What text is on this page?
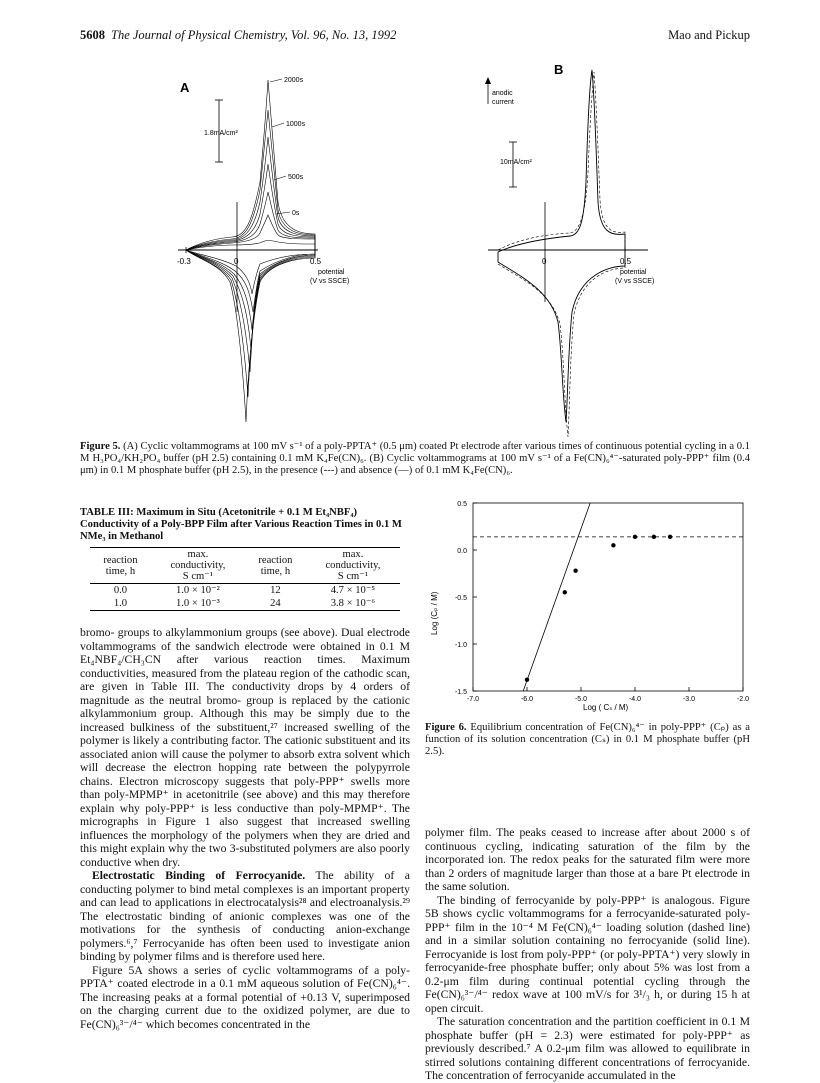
5608 The Journal of Physical Chemistry, Vol. 96, No. 13, 1992	Mao and Pickup
A
1.8mA/cm²
-0.3	0	0.5
potential
(V vs SSCE)
2000s
1000s
500s
0s
B
anodic
current
10mA/cm²
0	0.5
potential
(V vs SSCE)
Figure 5. (A) Cyclic voltammograms at 100 mV s⁻¹ of a poly-PPTA⁺ (0.5 μm) coated Pt electrode after various times of continuous potential cycling in a 0.1 M H₃PO₄/KH₂PO₄ buffer (pH 2.5) containing 0.1 mM K₄Fe(CN)₆. (B) Cyclic voltammograms at 100 mV s⁻¹ of a Fe(CN)₆⁴⁻-saturated poly-PPP⁺ film (0.4 μm) in 0.1 M phosphate buffer (pH 2.5), in the presence (---) and absence (—) of 0.1 mM K₄Fe(CN)₆.
TABLE III: Maximum in Situ (Acetonitrile + 0.1 M Et₄NBF₄) Conductivity of a Poly-BPP Film after Various Reaction Times in 0.1 M NMe₃ in Methanol
reaction
time, h	max.
conductivity,
S cm⁻¹	reaction
time, h	max.
conductivity,
S cm⁻¹
0.0	1.0 × 10⁻²	12	4.7 × 10⁻⁵
1.0	1.0 × 10⁻³	24	3.8 × 10⁻⁶

bromo- groups to alkylammonium groups (see above). Dual electrode voltammograms of the sandwich electrode were obtained in 0.1 M Et₄NBF₄/CH₃CN after various reaction times. Maximum conductivities, measured from the plateau region of the cathodic scan, are given in Table III. The conductivity drops by 4 orders of magnitude as the neutral bromo- group is replaced by the cationic alkylammonium group. Although this may be simply due to the increased bulkiness of the substituent,²⁷ increased swelling of the polymer is likely a contributing factor. The cationic substituent and its associated anion will cause the polymer to absorb extra solvent which will decrease the electron hopping rate between the polypyrrole chains. Electron microscopy suggests that poly-PPP⁺ swells more than poly-MPMP⁺ in acetonitrile (see above) and this may therefore explain why poly-PPP⁺ is less conductive than poly-MPMP⁺. The micrographs in Figure 1 also suggest that increased swelling influences the morphology of the polymers when they are dried and this might explain why the two 3-substituted polymers are also poorly conductive when dry.

Electrostatic Binding of Ferrocyanide. The ability of a conducting polymer to bind metal complexes is an important property and can lead to applications in electrocatalysis²⁸ and electroanalysis.²⁹ The electrostatic binding of anionic complexes was one of the motivations for the synthesis of conducting anion-exchange polymers.⁶,⁷ Ferrocyanide has often been used to investigate anion binding by polymer films and is therefore used here.

Figure 5A shows a series of cyclic voltammograms of a poly-PPTA⁺ coated electrode in a 0.1 mM aqueous solution of Fe(CN)₆⁴⁻. The increasing peaks at a formal potential of +0.13 V, superimposed on the charging current due to the oxidized polymer, are due to Fe(CN)₆³⁻/⁴⁻ which becomes concentrated in the

Log (Cₚ / M)
Log ( Cₛ / M)
0.5
0.0
-0.5
-1.0
-1.5
-7.0	-6.0	-5.0	-4.0	-3.0	-2.0
Figure 6. Equilibrium concentration of Fe(CN)₆⁴⁻ in poly-PPP⁺ (Cₚ) as a function of its solution concentration (Cₛ) in 0.1 M phosphate buffer (pH 2.5).

polymer film. The peaks ceased to increase after about 2000 s of continuous cycling, indicating saturation of the film by the incorporated ion. The redox peaks for the saturated film were more than 2 orders of magnitude larger than those at a bare Pt electrode in the same solution.

The binding of ferrocyanide by poly-PPP⁺ is analogous. Figure 5B shows cyclic voltammograms for a ferrocyanide-saturated poly-PPP⁺ film in the 10⁻⁴ M Fe(CN)₆⁴⁻ loading solution (dashed line) and in a similar solution containing no ferrocyanide (solid line). Ferrocyanide is lost from poly-PPP⁺ (or poly-PPTA⁺) very slowly in ferrocyanide-free phosphate buffer; only about 5% was lost from a 0.2-μm film during continual potential cycling through the Fe(CN)₆³⁻/⁴⁻ redox wave at 100 mV/s for 3¹/₃ h, or during 15 h at open circuit.

The saturation concentration and the partition coefficient in 0.1 M phosphate buffer (pH = 2.3) were estimated for poly-PPP⁺ as previously described.⁷ A 0.2-μm film was allowed to equilibrate in stirred solutions containing different concentrations of ferrocyanide. The concentration of ferrocyanide accumulated in the
